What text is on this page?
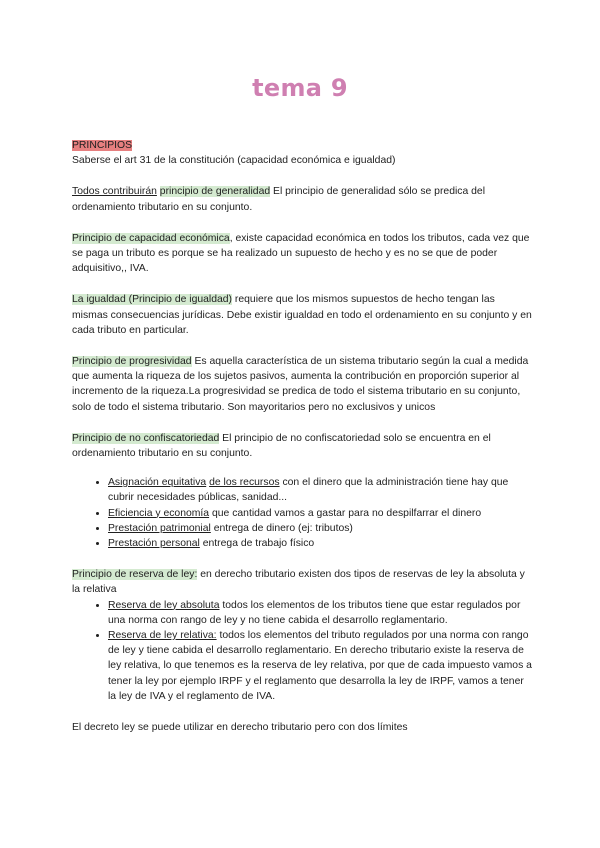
tema 9

PRINCIPIOS
Saberse el art 31 de la constitución (capacidad económica e igualdad)

Todos contribuirán principio de generalidad El principio de generalidad sólo se predica del ordenamiento tributario en su conjunto.

Principio de capacidad económica, existe capacidad económica en todos los tributos, cada vez que se paga un tributo es porque se ha realizado un supuesto de hecho y es no se que de poder adquisitivo,, IVA.

La igualdad (Principio de igualdad) requiere que los mismos supuestos de hecho tengan las mismas consecuencias jurídicas. Debe existir igualdad en todo el ordenamiento en su conjunto y en cada tributo en particular.

Principio de progresividad Es aquella característica de un sistema tributario según la cual a medida que aumenta la riqueza de los sujetos pasivos, aumenta la contribución en proporción superior al incremento de la riqueza.La progresividad se predica de todo el sistema tributario en su conjunto, solo de todo el sistema tributario. Son mayoritarios pero no exclusivos y unicos

Principio de no confiscatoriedad El principio de no confiscatoriedad solo se encuentra en el ordenamiento tributario en su conjunto.

• Asignación equitativa de los recursos con el dinero que la administración tiene hay que cubrir necesidades públicas, sanidad...
• Eficiencia y economía que cantidad vamos a gastar para no despilfarrar el dinero
• Prestación patrimonial entrega de dinero (ej: tributos)
• Prestación personal entrega de trabajo físico
Principio de reserva de ley: en derecho tributario existen dos tipos de reservas de ley la absoluta y la relativa
• Reserva de ley absoluta todos los elementos de los tributos tiene que estar regulados por una norma con rango de ley y no tiene cabida el desarrollo reglamentario.
• Reserva de ley relativa: todos los elementos del tributo regulados por una norma con rango de ley y tiene cabida el desarrollo reglamentario. En derecho tributario existe la reserva de ley relativa, lo que tenemos es la reserva de ley relativa, por que de cada impuesto vamos a tener la ley por ejemplo IRPF y el reglamento que desarrolla la ley de IRPF, vamos a tener la ley de IVA y el reglamento de IVA.

El decreto ley se puede utilizar en derecho tributario pero con dos límites
